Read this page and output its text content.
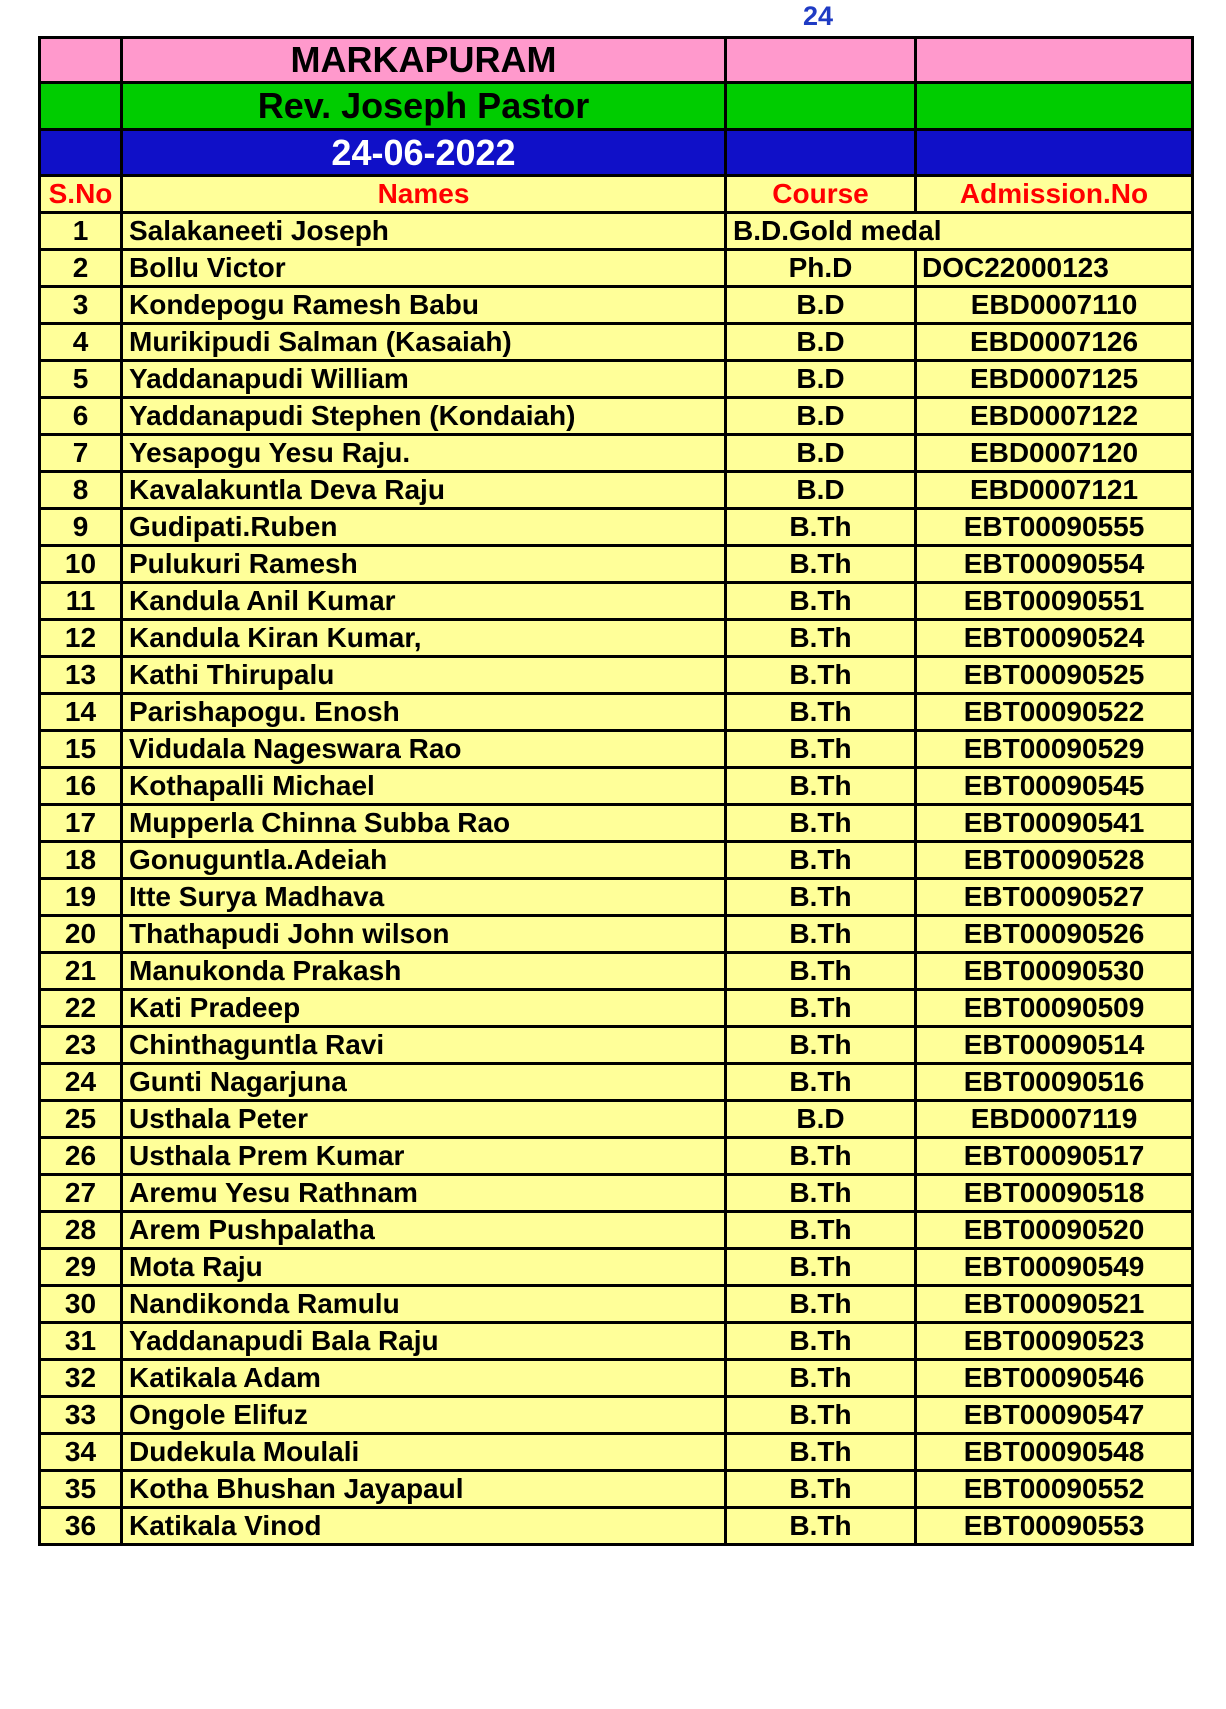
24
	MARKAPURAM		
	Rev. Joseph Pastor		
	24-06-2022		
S.No	Names	Course	Admission.No
1	Salakaneeti Joseph	B.D.Gold medal	
2	Bollu Victor	Ph.D	DOC22000123
3	Kondepogu Ramesh Babu	B.D	EBD0007110
4	Murikipudi Salman (Kasaiah)	B.D	EBD0007126
5	Yaddanapudi William	B.D	EBD0007125
6	Yaddanapudi Stephen (Kondaiah)	B.D	EBD0007122
7	Yesapogu Yesu Raju.	B.D	EBD0007120
8	Kavalakuntla Deva Raju	B.D	EBD0007121
9	Gudipati.Ruben	B.Th	EBT00090555
10	Pulukuri Ramesh	B.Th	EBT00090554
11	Kandula Anil Kumar	B.Th	EBT00090551
12	Kandula Kiran Kumar,	B.Th	EBT00090524
13	Kathi Thirupalu	B.Th	EBT00090525
14	Parishapogu. Enosh	B.Th	EBT00090522
15	Vidudala Nageswara Rao	B.Th	EBT00090529
16	Kothapalli Michael	B.Th	EBT00090545
17	Mupperla Chinna Subba Rao	B.Th	EBT00090541
18	Gonuguntla.Adeiah	B.Th	EBT00090528
19	Itte Surya Madhava	B.Th	EBT00090527
20	Thathapudi John wilson	B.Th	EBT00090526
21	Manukonda Prakash	B.Th	EBT00090530
22	Kati Pradeep	B.Th	EBT00090509
23	Chinthaguntla Ravi	B.Th	EBT00090514
24	Gunti Nagarjuna	B.Th	EBT00090516
25	Usthala Peter	B.D	EBD0007119
26	Usthala Prem Kumar	B.Th	EBT00090517
27	Aremu Yesu Rathnam	B.Th	EBT00090518
28	Arem Pushpalatha	B.Th	EBT00090520
29	Mota Raju	B.Th	EBT00090549
30	Nandikonda Ramulu	B.Th	EBT00090521
31	Yaddanapudi Bala Raju	B.Th	EBT00090523
32	Katikala Adam	B.Th	EBT00090546
33	Ongole Elifuz	B.Th	EBT00090547
34	Dudekula Moulali	B.Th	EBT00090548
35	Kotha Bhushan Jayapaul	B.Th	EBT00090552
36	Katikala Vinod	B.Th	EBT00090553
